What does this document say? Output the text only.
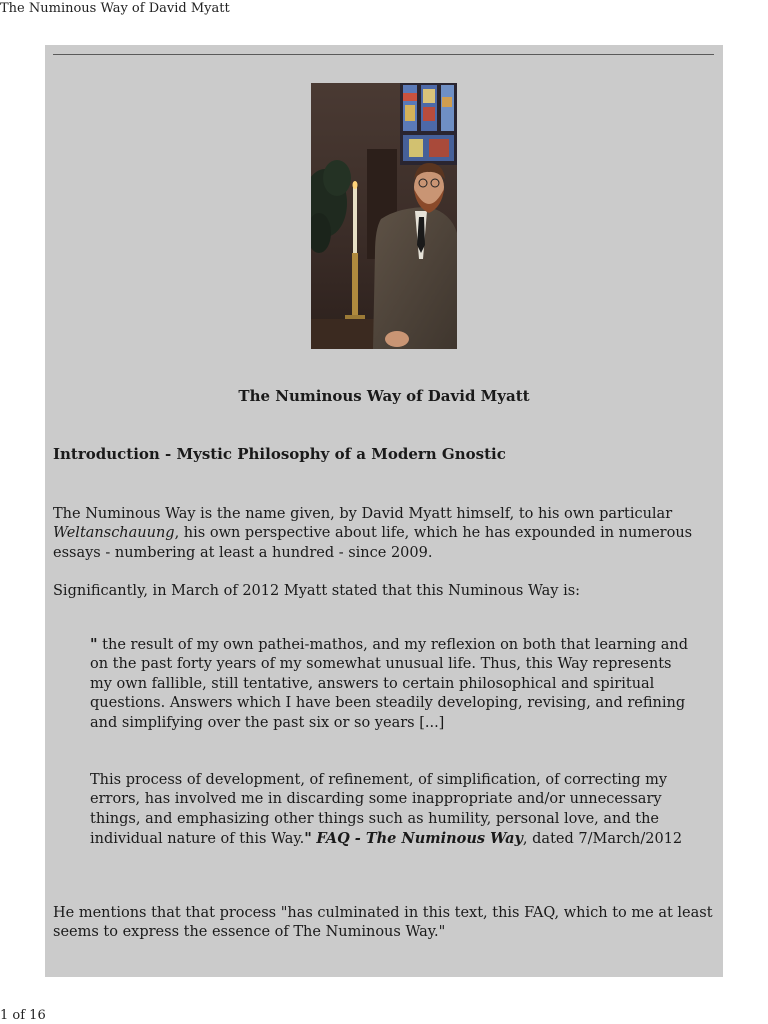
The Numinous Way of David Myatt
The Numinous Way of David Myatt
Introduction - Mystic Philosophy of a Modern Gnostic
The Numinous Way is the name given, by David Myatt himself, to his own particular Weltanschauung, his own perspective about life, which he has expounded in numerous essays - numbering at least a hundred - since 2009.
Significantly, in March of 2012 Myatt stated that this Numinous Way is:
" the result of my own pathei-mathos, and my reflexion on both that learning and on the past forty years of my somewhat unusual life. Thus, this Way represents my own fallible, still tentative, answers to certain philosophical and spiritual questions. Answers which I have been steadily developing, revising, and refining and simplifying over the past six or so years [...]
This process of development, of refinement, of simplification, of correcting my errors, has involved me in discarding some inappropriate and/or unnecessary things, and emphasizing other things such as humility, personal love, and the individual nature of this Way." FAQ - The Numinous Way, dated 7/March/2012
He mentions that that process "has culminated in this text, this FAQ, which to me at least seems to express the essence of The Numinous Way."
1 of 16
